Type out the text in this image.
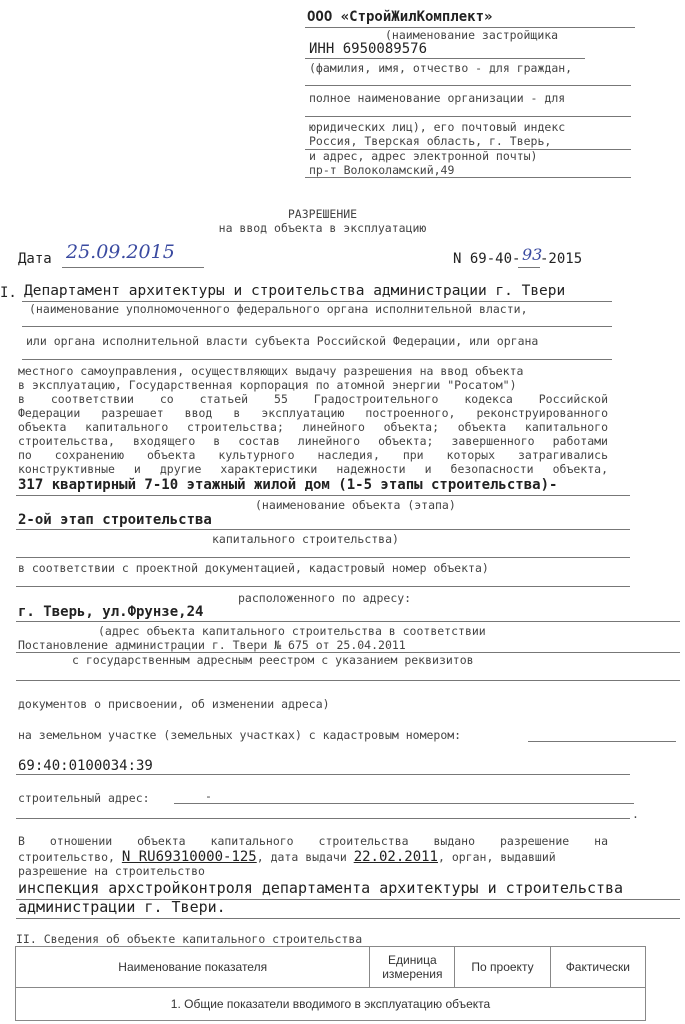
ООО «СтройЖилКомплект»
(наименование застройщика
ИНН 6950089576
(фамилия, имя, отчество - для граждан,
полное наименование организации - для
юридических лиц), его почтовый индекс
Россия, Тверская область, г. Тверь,
и адрес, адрес электронной почты)
пр-т Волоколамский,49
РАЗРЕШЕНИЕ
на ввод объекта в эксплуатацию
Дата 25.09.2015	N 69-40- 93
-2015
I. Департамент архитектуры и строительства администрации г. Твери
(наименование уполномоченного федерального органа исполнительной власти,
или органа исполнительной власти субъекта Российской Федерации, или органа
местного самоуправления, осуществляющих выдачу разрешения на ввод объекта
в эксплуатацию, Государственная корпорация по атомной энергии "Росатом")
в соответствии со статьей 55 Градостроительного кодекса Российской
Федерации разрешает ввод в эксплуатацию построенного, реконструированного
объекта капитального строительства; линейного объекта; объекта капитального
строительства, входящего в состав линейного объекта; завершенного работами
по сохранению объекта культурного наследия, при которых затрагивались
конструктивные и другие характеристики надежности и безопасности объекта,
317 квартирный 7-10 этажный жилой дом (1-5 этапы строительства)-
(наименование объекта (этапа)
2-ой этап строительства
капитального строительства)
в соответствии с проектной документацией, кадастровый номер объекта)
расположенного по адресу:
г. Тверь, ул.Фрунзе,24
(адрес объекта капитального строительства в соответствии
Постановление администрации г. Твери № 675 от 25.04.2011
с государственным адресным реестром с указанием реквизитов
документов о присвоении, об изменении адреса)
на земельном участке (земельных участках) с кадастровым номером:
69:40:0100034:39
строительный адрес:	-
.
В отношении объекта капитального строительства выдано разрешение на
строительство, N RU69310000-125, дата выдачи 22.02.2011, орган, выдавший
разрешение на строительство
инспекция архстройконтроля департамента архитектуры и строительства
администрации г. Твери.
II. Сведения об объекте капитального строительства
Наименование показателя	Единица измерения	По проекту	Фактически
1. Общие показатели вводимого в эксплуатацию объекта
